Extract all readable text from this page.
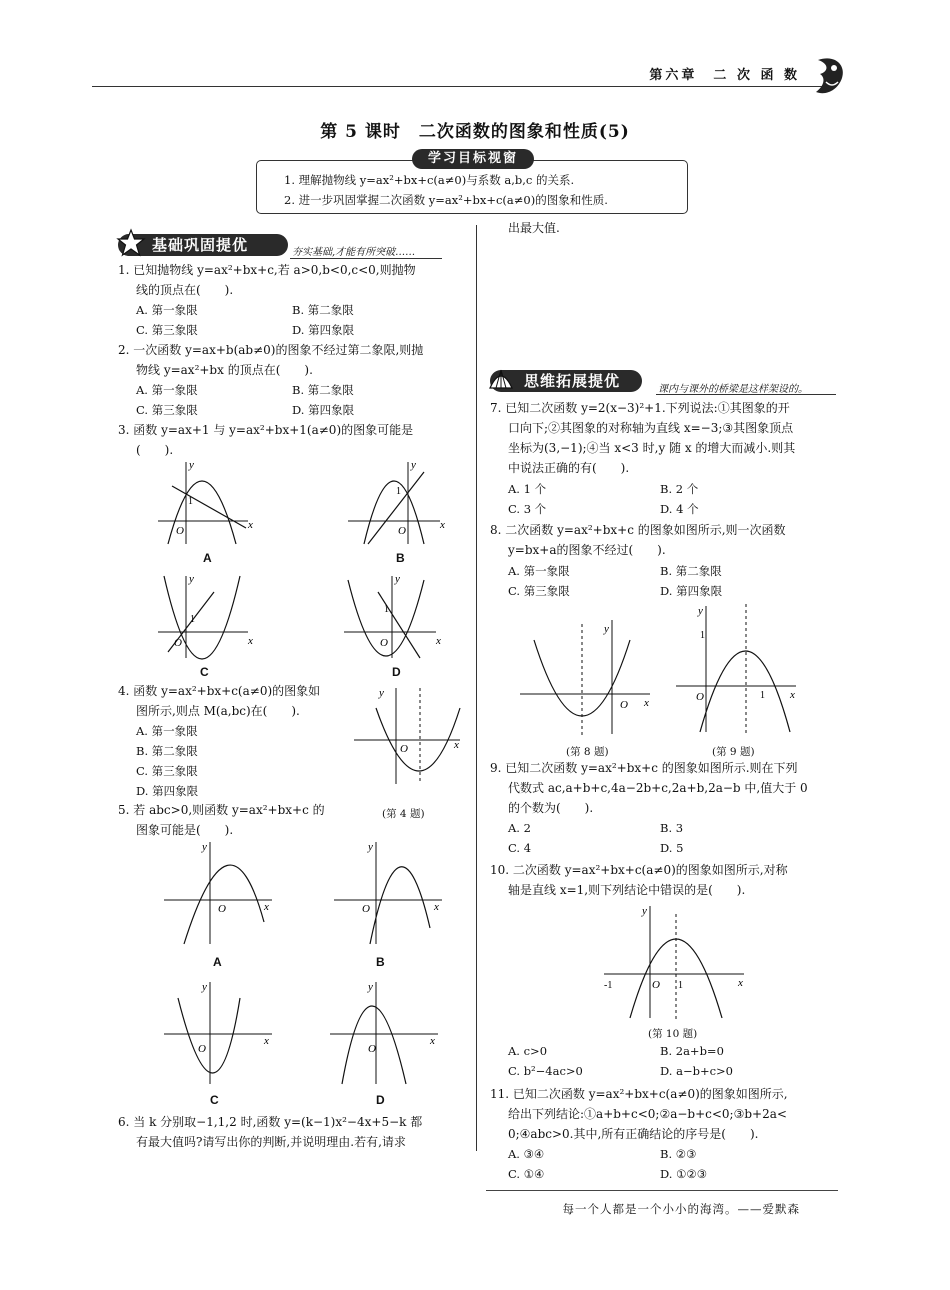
第六章　二 次 函 数
第 5 课时　二次函数的图象和性质(5)
学习目标视窗
1. 理解抛物线 y=ax²+bx+c(a≠0)与系数 a,b,c 的关系.
2. 进一步巩固掌握二次函数 y=ax²+bx+c(a≠0)的图象和性质.
基础巩固提优	夯实基础,才能有所突破……
1. 已知抛物线 y=ax²+bx+c,若 a>0,b<0,c<0,则抛物
线的顶点在(　　).
A. 第一象限	B. 第二象限
C. 第三象限	D. 第四象限
2. 一次函数 y=ax+b(ab≠0)的图象不经过第二象限,则抛
物线 y=ax²+bx 的顶点在(　　).
A. 第一象限	B. 第二象限
C. 第三象限	D. 第四象限
3. 函数 y=ax+1 与 y=ax²+bx+1(a≠0)的图象可能是
(　　).
y
x
O
1
A
y
x
O
1
B
y
x
O
1
C
y
x
O
1
D
4. 函数 y=ax²+bx+c(a≠0)的图象如
图所示,则点 M(a,bc)在(　　).
A. 第一象限
B. 第二象限
C. 第三象限
D. 第四象限
y
x
O
(第 4 题)
5. 若 abc>0,则函数 y=ax²+bx+c 的
图象可能是(　　).
y
x
O
A
y
x
O
B
y
x
O
C
y
x
O
D
6. 当 k 分别取−1,1,2 时,函数 y=(k−1)x²−4x+5−k 都
有最大值吗?请写出你的判断,并说明理由.若有,请求
出最大值.
思维拓展提优	课内与课外的桥梁是这样架设的。
7. 已知二次函数 y=2(x−3)²+1.下列说法:①其图象的开
口向下;②其图象的对称轴为直线 x=−3;③其图象顶点
坐标为(3,−1);④当 x<3 时,y 随 x 的增大而减小.则其
中说法正确的有(　　).
A. 1 个	B. 2 个
C. 3 个	D. 4 个
8. 二次函数 y=ax²+bx+c 的图象如图所示,则一次函数
y=bx+a的图象不经过(　　).
A. 第一象限	B. 第二象限
C. 第三象限	D. 第四象限
y
x
O
(第 8 题)
y
x
O
1
1
(第 9 题)
9. 已知二次函数 y=ax²+bx+c 的图象如图所示.则在下列
代数式 ac,a+b+c,4a−2b+c,2a+b,2a−b 中,值大于 0
的个数为(　　).
A. 2	B. 3
C. 4	D. 5
10. 二次函数 y=ax²+bx+c(a≠0)的图象如图所示,对称
轴是直线 x=1,则下列结论中错误的是(　　).
y
x
O
-1	1
(第 10 题)
A. c>0	B. 2a+b=0
C. b²−4ac>0	D. a−b+c>0
11. 已知二次函数 y=ax²+bx+c(a≠0)的图象如图所示,
给出下列结论:①a+b+c<0;②a−b+c<0;③b+2a<
0;④abc>0.其中,所有正确结论的序号是(　　).
A. ③④	B. ②③
C. ①④	D. ①②③
每一个人都是一个小小的海湾。——爱默森
